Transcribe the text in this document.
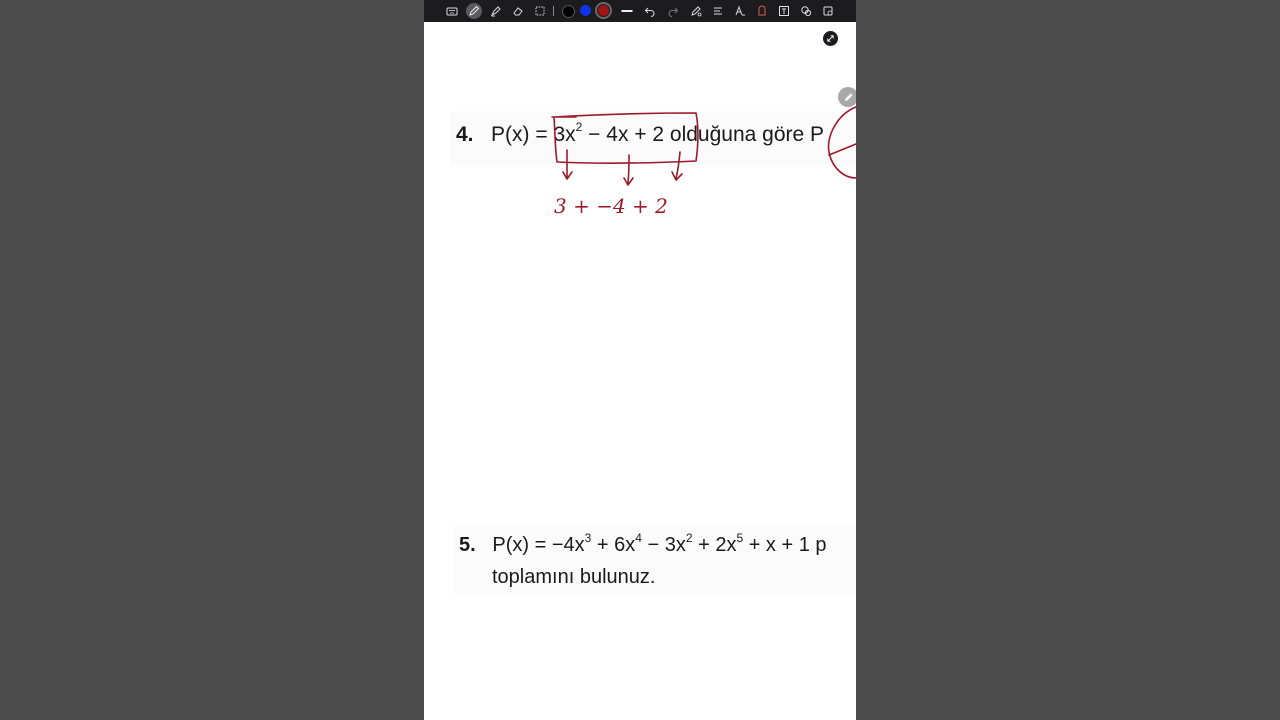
4. $P(x) = 3x^2 - 4x + 2$ olduğuna göre P
5. $P(x) = -4x^3 + 6x^4 - 3x^2 + 2x^5 + x + 1$ p
toplamını bulunuz.
3 + −4 + 2
